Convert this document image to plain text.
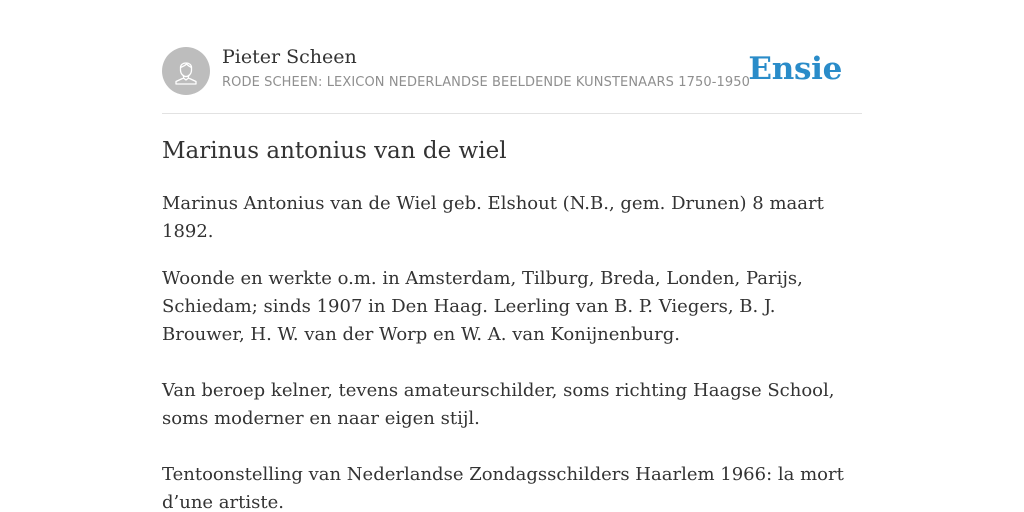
Pieter Scheen
RODE SCHEEN: LEXICON NEDERLANDSE BEELDENDE KUNSTENAARS 1750-1950
Ensie
Marinus antonius van de wiel

Marinus Antonius van de Wiel geb. Elshout (N.B., gem. Drunen) 8 maart 1892.

Woonde en werkte o.m. in Amsterdam, Tilburg, Breda, Londen, Parijs, Schiedam; sinds 1907 in Den Haag. Leerling van B. P. Viegers, B. J. Brouwer, H. W. van der Worp en W. A. van Konijnenburg.

Van beroep kelner, tevens amateurschilder, soms richting Haagse School, soms moderner en naar eigen stijl.

Tentoonstelling van Nederlandse Zondagsschilders Haarlem 1966: la mort d’une artiste.
